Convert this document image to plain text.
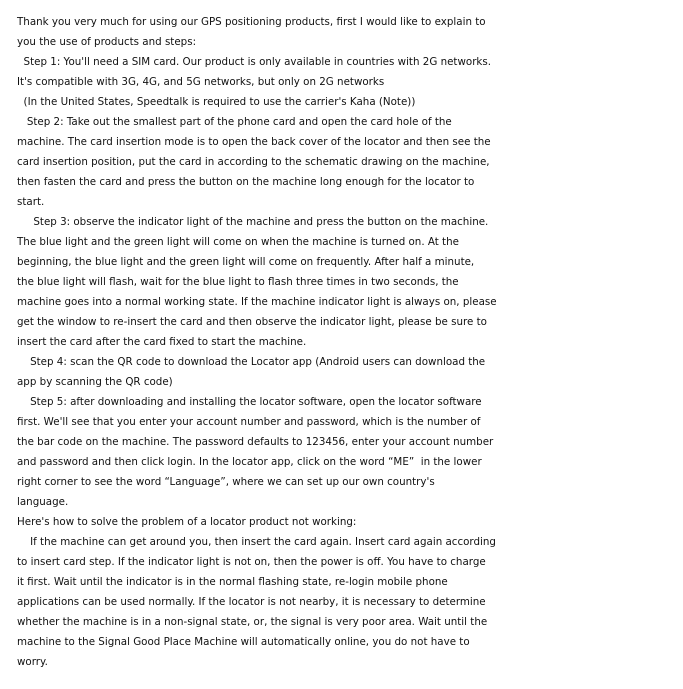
Thank you very much for using our GPS positioning products, first I would like to explain to
you the use of products and steps:
Step 1: You'll need a SIM card. Our product is only available in countries with 2G networks.
It's compatible with 3G, 4G, and 5G networks, but only on 2G networks
(In the United States, Speedtalk is required to use the carrier's Kaha (Note))
Step 2: Take out the smallest part of the phone card and open the card hole of the
machine. The card insertion mode is to open the back cover of the locator and then see the
card insertion position, put the card in according to the schematic drawing on the machine,
then fasten the card and press the button on the machine long enough for the locator to
start.
Step 3: observe the indicator light of the machine and press the button on the machine.
The blue light and the green light will come on when the machine is turned on. At the
beginning, the blue light and the green light will come on frequently. After half a minute,
the blue light will flash, wait for the blue light to flash three times in two seconds, the
machine goes into a normal working state. If the machine indicator light is always on, please
get the window to re-insert the card and then observe the indicator light, please be sure to
insert the card after the card fixed to start the machine.
Step 4: scan the QR code to download the Locator app (Android users can download the
app by scanning the QR code)
Step 5: after downloading and installing the locator software, open the locator software
first. We'll see that you enter your account number and password, which is the number of
the bar code on the machine. The password defaults to 123456, enter your account number
and password and then click login. In the locator app, click on the word “ME”  in the lower
right corner to see the word “Language”, where we can set up our own country's
language.
Here's how to solve the problem of a locator product not working:
If the machine can get around you, then insert the card again. Insert card again according
to insert card step. If the indicator light is not on, then the power is off. You have to charge
it first. Wait until the indicator is in the normal flashing state, re-login mobile phone
applications can be used normally. If the locator is not nearby, it is necessary to determine
whether the machine is in a non-signal state, or, the signal is very poor area. Wait until the
machine to the Signal Good Place Machine will automatically online, you do not have to
worry.
